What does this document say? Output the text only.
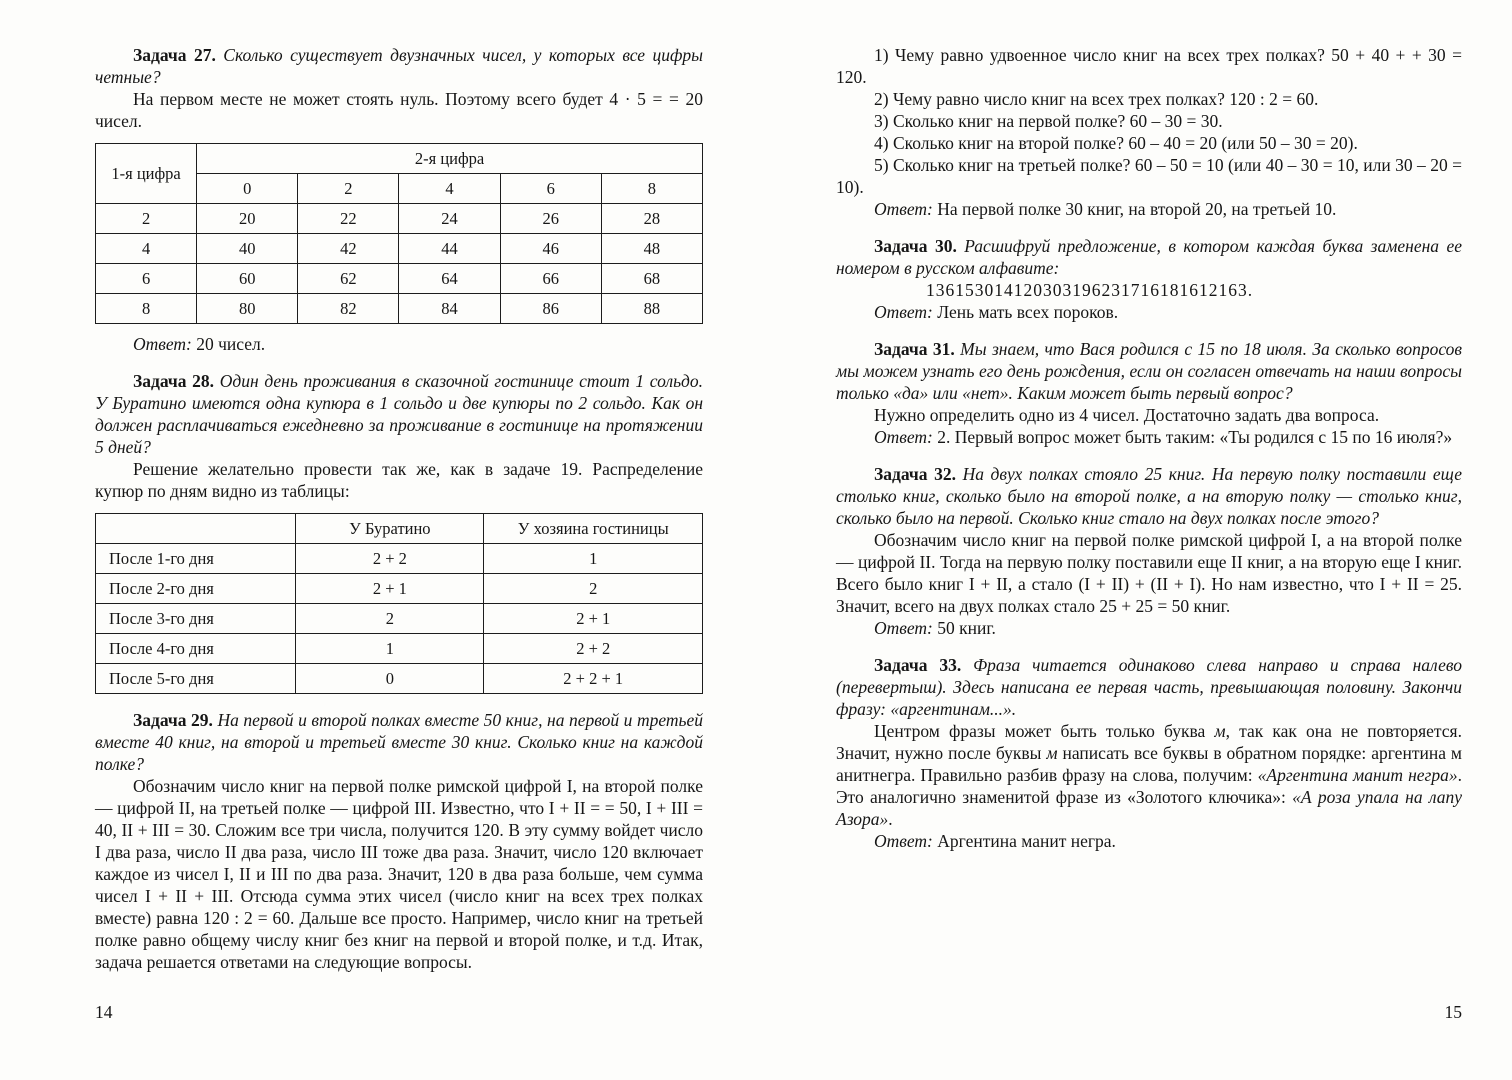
Задача 27. Сколько существует двузначных чисел, у которых все цифры четные?

На первом месте не может стоять нуль. Поэтому всего будет 4 · 5 = = 20 чисел.

1-я цифра	2-я цифра				
	0	2	4	6	8
2	20	22	24	26	28
4	40	42	44	46	48
6	60	62	64	66	68
8	80	82	84	86	88

Ответ: 20 чисел.

Задача 28. Один день проживания в сказочной гостинице стоит 1 сольдо. У Буратино имеются одна купюра в 1 сольдо и две купюры по 2 сольдо. Как он должен расплачиваться ежедневно за проживание в гостинице на протяжении 5 дней?

Решение желательно провести так же, как в задаче 19. Распределение купюр по дням видно из таблицы:

	У Буратино	У хозяина гостиницы
После 1-го дня	2 + 2	1
После 2-го дня	2 + 1	2
После 3-го дня	2	2 + 1
После 4-го дня	1	2 + 2
После 5-го дня	0	2 + 2 + 1

Задача 29. На первой и второй полках вместе 50 книг, на первой и третьей вместе 40 книг, на второй и третьей вместе 30 книг. Сколько книг на каждой полке?

Обозначим число книг на первой полке римской цифрой I, на второй полке — цифрой II, на третьей полке — цифрой III. Известно, что I + II = = 50, I + III = 40, II + III = 30. Сложим все три числа, получится 120. В эту сумму войдет число I два раза, число II два раза, число III тоже два раза. Значит, число 120 включает каждое из чисел I, II и III по два раза. Значит, 120 в два раза больше, чем сумма чисел I + II + III. Отсюда сумма этих чисел (число книг на всех трех полках вместе) равна 120 : 2 = 60. Дальше все просто. Например, число книг на третьей полке равно общему числу книг без книг на первой и второй полке, и т.д. Итак, задача решается ответами на следующие вопросы.

14

1) Чему равно удвоенное число книг на всех трех полках? 50 + 40 + + 30 = 120.

2) Чему равно число книг на всех трех полках? 120 : 2 = 60.

3) Сколько книг на первой полке? 60 – 30 = 30.

4) Сколько книг на второй полке? 60 – 40 = 20 (или 50 – 30 = 20).

5) Сколько книг на третьей полке? 60 – 50 = 10 (или 40 – 30 = 10, или 30 – 20 = 10).

Ответ: На первой полке 30 книг, на второй 20, на третьей 10.

Задача 30. Расшифруй предложение, в котором каждая буква заменена ее номером в русском алфавите:

136153014120303196231716181612163.

Ответ: Лень мать всех пороков.

Задача 31. Мы знаем, что Вася родился с 15 по 18 июля. За сколько вопросов мы можем узнать его день рождения, если он согласен отвечать на наши вопросы только «да» или «нет». Каким может быть первый вопрос?

Нужно определить одно из 4 чисел. Достаточно задать два вопроса.

Ответ: 2. Первый вопрос может быть таким: «Ты родился с 15 по 16 июля?»

Задача 32. На двух полках стояло 25 книг. На первую полку поставили еще столько книг, сколько было на второй полке, а на вторую полку — столько книг, сколько было на первой. Сколько книг стало на двух полках после этого?

Обозначим число книг на первой полке римской цифрой I, а на второй полке — цифрой II. Тогда на первую полку поставили еще II книг, а на вторую еще I книг. Всего было книг I + II, а стало (I + II) + (II + I). Но нам известно, что I + II = 25. Значит, всего на двух полках стало 25 + 25 = 50 книг.

Ответ: 50 книг.

Задача 33. Фраза читается одинаково слева направо и справа налево (перевертыш). Здесь написана ее первая часть, превышающая половину. Закончи фразу: «аргентинам...».

Центром фразы может быть только буква м, так как она не повторяется. Значит, нужно после буквы м написать все буквы в обратном порядке: аргентина м анитнегра. Правильно разбив фразу на слова, получим: «Аргентина манит негра». Это аналогично знаменитой фразе из «Золотого ключика»: «А роза упала на лапу Азора».

Ответ: Аргентина манит негра.

15
